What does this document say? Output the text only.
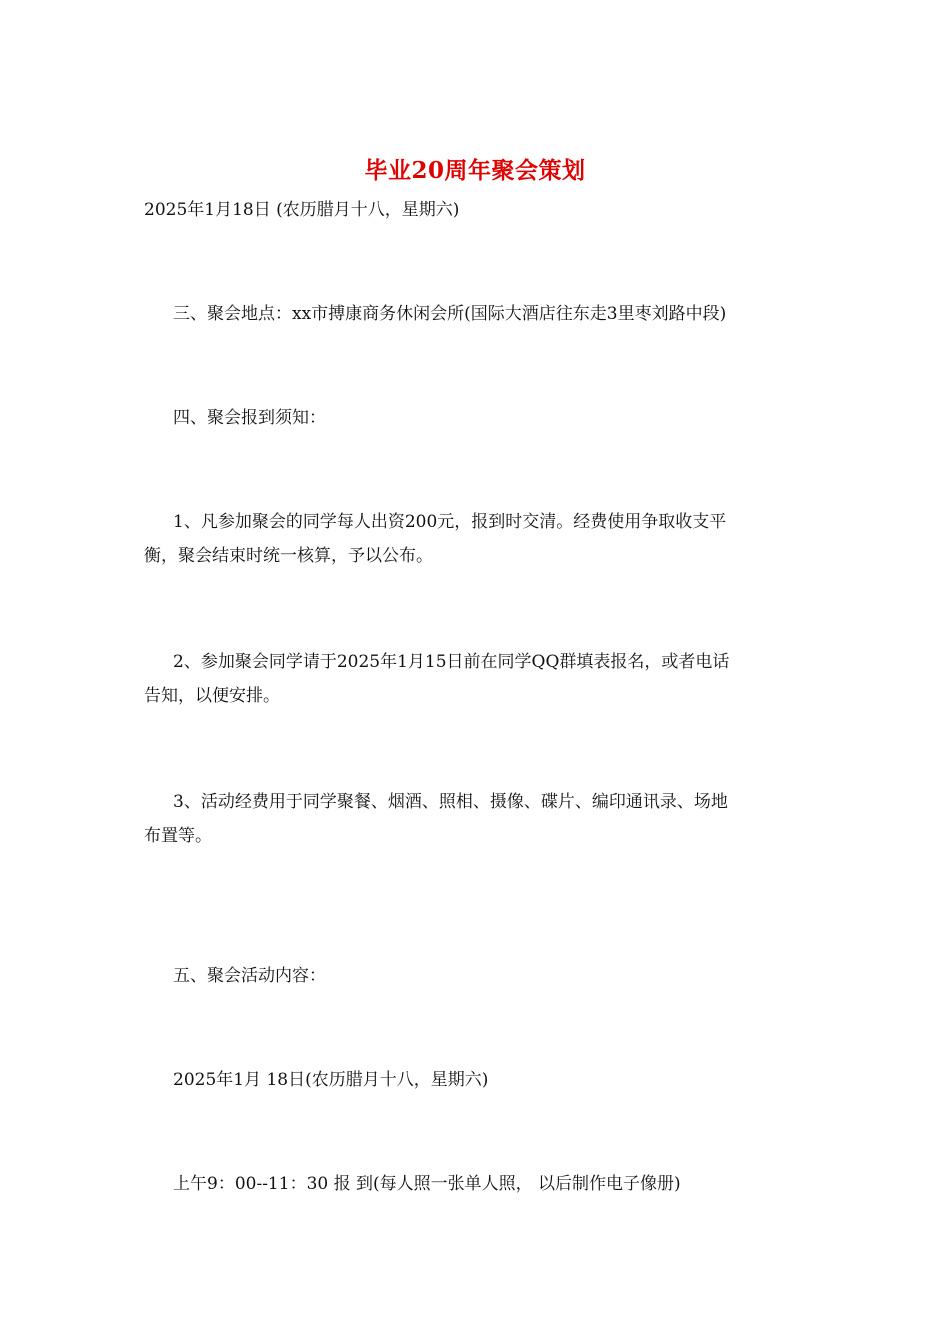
毕业20周年聚会策划
2025年1月18日 (农历腊月十八，星期六)
三、聚会地点：xx市搏康商务休闲会所(国际大酒店往东走3里枣刘路中段)
四、聚会报到须知：
1、凡参加聚会的同学每人出资200元，报到时交清。经费使用争取收支平
衡，聚会结束时统一核算，予以公布。
2、参加聚会同学请于2025年1月15日前在同学QQ群填表报名，或者电话
告知，以便安排。
3、活动经费用于同学聚餐、烟酒、照相、摄像、碟片、编印通讯录、场地
布置等。
五、聚会活动内容：
2025年1月 18日(农历腊月十八，星期六)
上午9：00--11：30 报 到(每人照一张单人照， 以后制作电子像册)
